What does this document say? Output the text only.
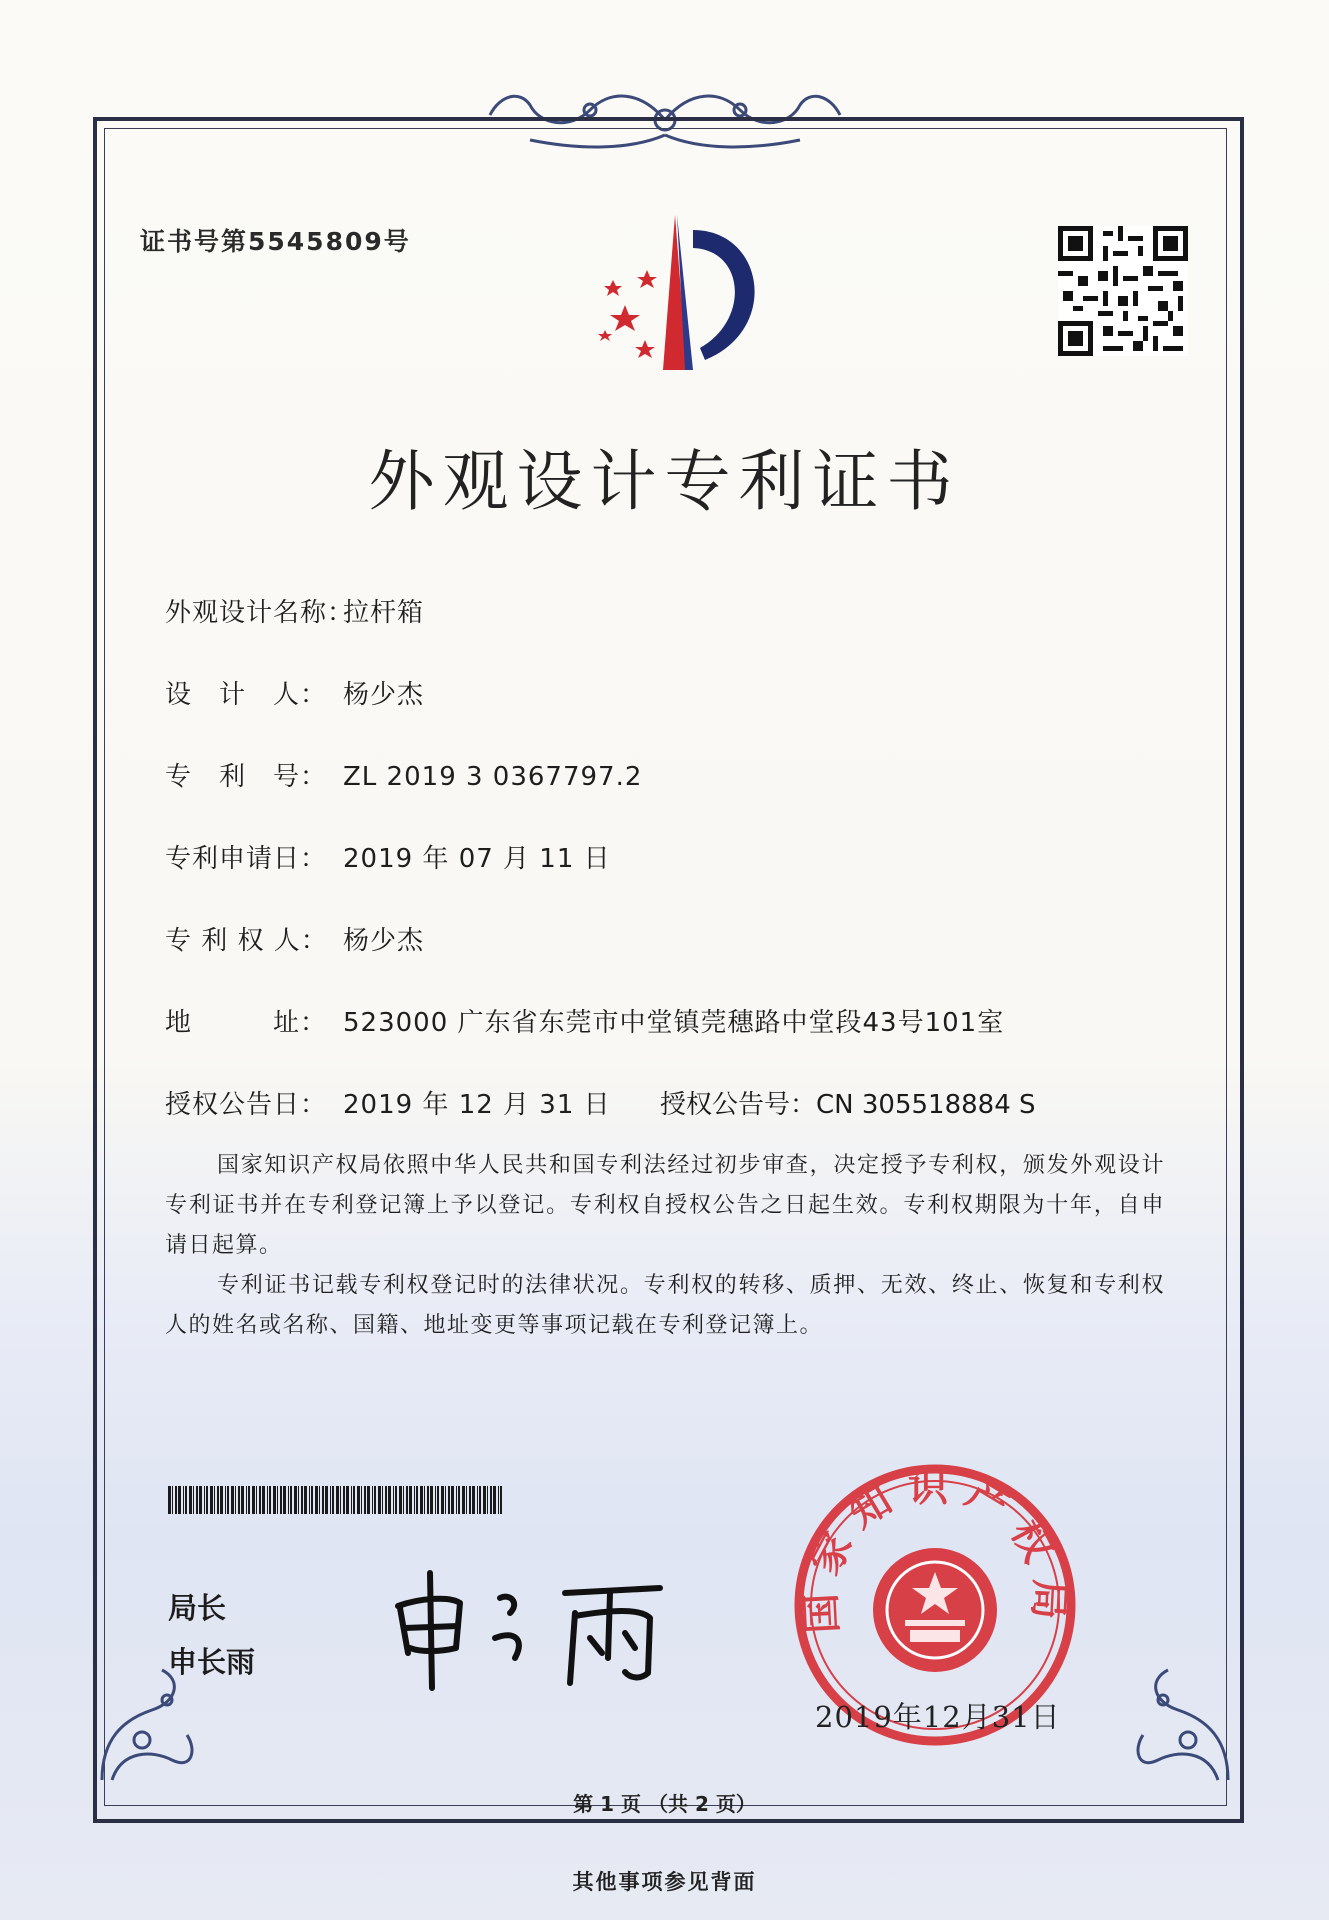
证书号第5545809号
外观设计专利证书
外观设计名称：拉杆箱
设　计　人： 杨少杰
专　利　号： ZL 2019 3 0367797.2
专利申请日： 2019 年 07 月 11 日
专 利 权 人： 杨少杰
地　　　址： 523000 广东省东莞市中堂镇莞穗路中堂段43号101室
授权公告日： 2019 年 12 月 31 日 授权公告号：CN 305518884 S
国家知识产权局依照中华人民共和国专利法经过初步审查，决定授予专利权，颁发外观设计专利证书并在专利登记簿上予以登记。专利权自授权公告之日起生效。专利权期限为十年，自申请日起算。
专利证书记载专利权登记时的法律状况。专利权的转移、质押、无效、终止、恢复和专利权人的姓名或名称、国籍、地址变更等事项记载在专利登记簿上。
局长
申长雨
国家知识产权局
2019年12月31日
第 1 页 （共 2 页）
其他事项参见背面
